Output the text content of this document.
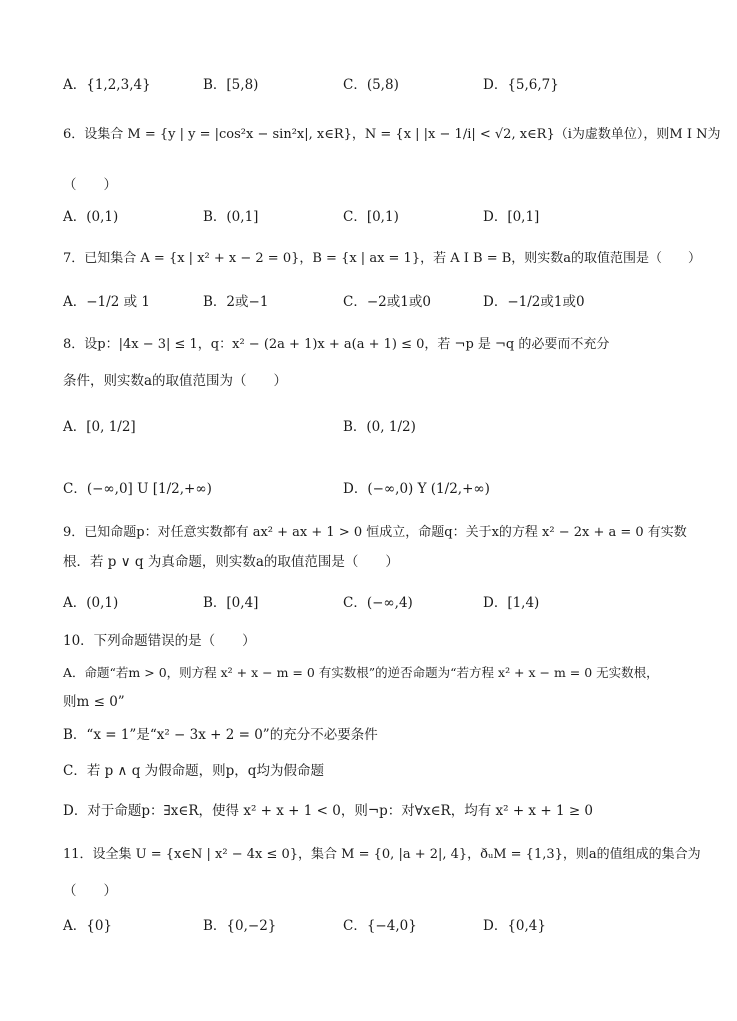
A．{1,2,3,4}	B．[5,8)	C．(5,8)	D．{5,6,7}
6．设集合 M = {y | y = |cos²x − sin²x|, x∈R}，N = {x | |x − 1/i| < √2, x∈R}（i为虚数单位），则M I N为
（　　）
A．(0,1)	B．(0,1]	C．[0,1)	D．[0,1]
7．已知集合 A = {x | x² + x − 2 = 0}，B = {x | ax = 1}，若 A I B = B，则实数a的取值范围是（　　）
A．−1/2 或 1	B．2或−1	C．−2或1或0	D．−1/2或1或0
8．设p：|4x − 3| ≤ 1，q：x² − (2a + 1)x + a(a + 1) ≤ 0，若 ¬p 是 ¬q 的必要而不充分
条件，则实数a的取值范围为（　　）
A．[0, 1/2]	B．(0, 1/2)
C．(−∞,0] U [1/2,+∞)	D．(−∞,0) Y (1/2,+∞)
9．已知命题p：对任意实数都有 ax² + ax + 1 > 0 恒成立，命题q：关于x的方程 x² − 2x + a = 0 有实数
根．若 p ∨ q 为真命题，则实数a的取值范围是（　　）
A．(0,1)	B．[0,4]	C．(−∞,4)	D．[1,4)
10．下列命题错误的是（　　）
A．命题“若m > 0，则方程 x² + x − m = 0 有实数根”的逆否命题为“若方程 x² + x − m = 0 无实数根，
则m ≤ 0”
B．“x = 1”是“x² − 3x + 2 = 0”的充分不必要条件
C．若 p ∧ q 为假命题，则p，q均为假命题
D．对于命题p：∃x∈R，使得 x² + x + 1 < 0，则¬p：对∀x∈R，均有 x² + x + 1 ≥ 0
11．设全集 U = {x∈N | x² − 4x ≤ 0}，集合 M = {0, |a + 2|, 4}，ðᵤM = {1,3}，则a的值组成的集合为
（　　）
A．{0}	B．{0,−2}	C．{−4,0}	D．{0,4}
